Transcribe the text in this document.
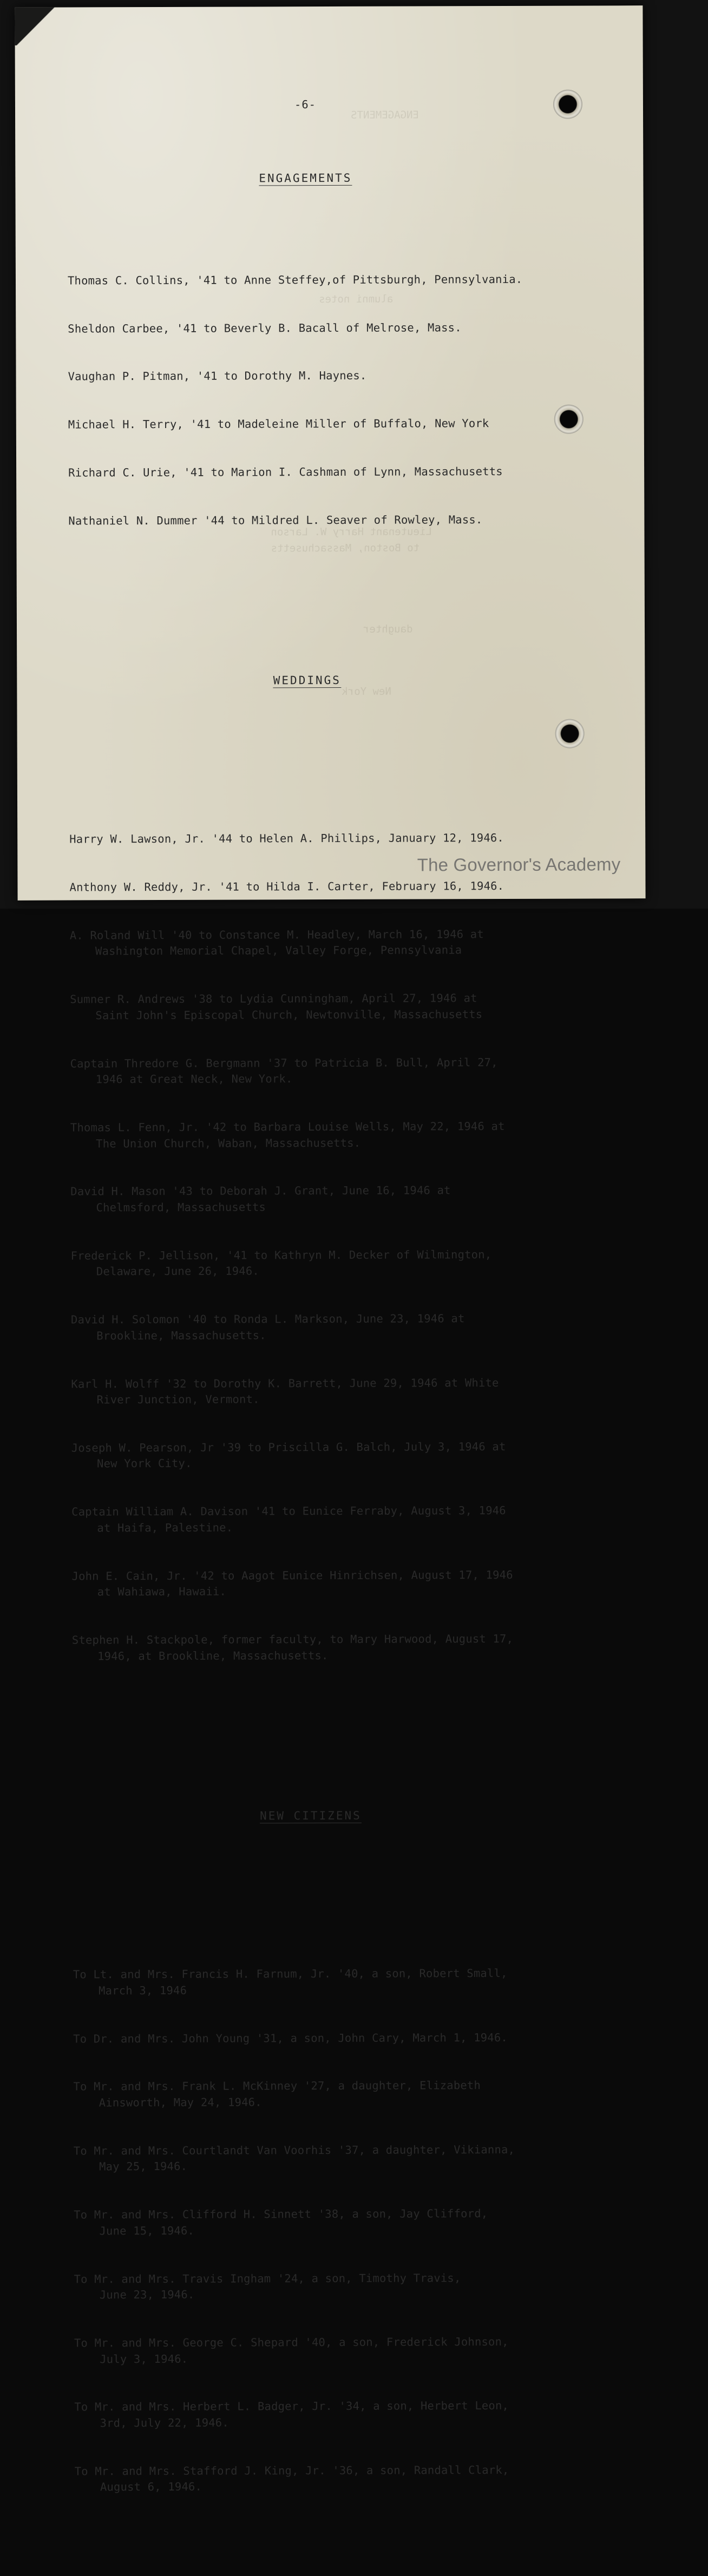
ENGAGEMENTS
alumni notes
Lieutenant Harry W. Larson
to Boston, Massachusetts
daughter
New York

-6-

ENGAGEMENTS

Thomas C. Collins, '41 to Anne Steffey,of Pittsburgh, Pennsylvania.

Sheldon Carbee, '41 to Beverly B. Bacall of Melrose, Mass.

Vaughan P. Pitman, '41 to Dorothy M. Haynes.

Michael H. Terry, '41 to Madeleine Miller of Buffalo, New York

Richard C. Urie, '41 to Marion I. Cashman of Lynn, Massachusetts

Nathaniel N. Dummer '44 to Mildred L. Seaver of Rowley, Mass.

WEDDINGS

Harry W. Lawson, Jr. '44 to Helen A. Phillips, January 12, 1946.

Anthony W. Reddy, Jr. '41 to Hilda I. Carter, February 16, 1946.

A. Roland Will '40 to Constance M. Headley, March 16, 1946 at
Washington Memorial Chapel, Valley Forge, Pennsylvania

Sumner R. Andrews '38 to Lydia Cunningham, April 27, 1946 at
Saint John's Episcopal Church, Newtonville, Massachusetts

Captain Thredore G. Bergmann '37 to Patricia B. Bull, April 27,
1946 at Great Neck, New York.

Thomas L. Fenn, Jr. '42 to Barbara Louise Wells, May 22, 1946 at
The Union Church, Waban, Massachusetts.

David H. Mason '43 to Deborah J. Grant, June 16, 1946 at
Chelmsford, Massachusetts

Frederick P. Jellison, '41 to Kathryn M. Decker of Wilmington,
Delaware, June 26, 1946.

David H. Solomon '40 to Ronda L. Markson, June 23, 1946 at
Brookline, Massachusetts.

Karl H. Wolff '32 to Dorothy K. Barrett, June 29, 1946 at White
River Junction, Vermont.

Joseph W. Pearson, Jr '39 to Priscilla G. Balch, July 3, 1946 at
New York City.

Captain William A. Davison '41 to Eunice Ferraby, August 3, 1946
at Haifa, Palestine.

John E. Cain, Jr. '42 to Aagot Eunice Hinrichsen, August 17, 1946
at Wahiawa, Hawaii.

Stephen H. Stackpole, former faculty, to Mary Harwood, August 17,
1946, at Brookline, Massachusetts.

NEW CITIZENS

To Lt. and Mrs. Francis H. Farnum, Jr. '40, a son, Robert Small,
March 3, 1946

To Dr. and Mrs. John Young '31, a son, John Cary, March 1, 1946.

To Mr. and Mrs. Frank L. McKinney '27, a daughter, Elizabeth
Ainsworth, May 24, 1946.

To Mr. and Mrs. Courtlandt Van Voorhis '37, a daughter, Vikianna,
May 25, 1946.

To Mr. and Mrs. Clifford H. Sinnett '38, a son, Jay Clifford,
June 15, 1946.

To Mr. and Mrs. Travis Ingham '24, a son, Timothy Travis,
June 23, 1946.

To Mr. and Mrs. George C. Shepard '40, a son, Frederick Johnson,
July 3, 1946.

To Mr. and Mrs. Herbert L. Badger, Jr. '34, a son, Herbert Leon,
3rd, July 22, 1946.

To Mr. and Mrs. Stafford J. King, Jr. '36, a son, Randall Clark,
August 6, 1946.

The Governor's Academy
